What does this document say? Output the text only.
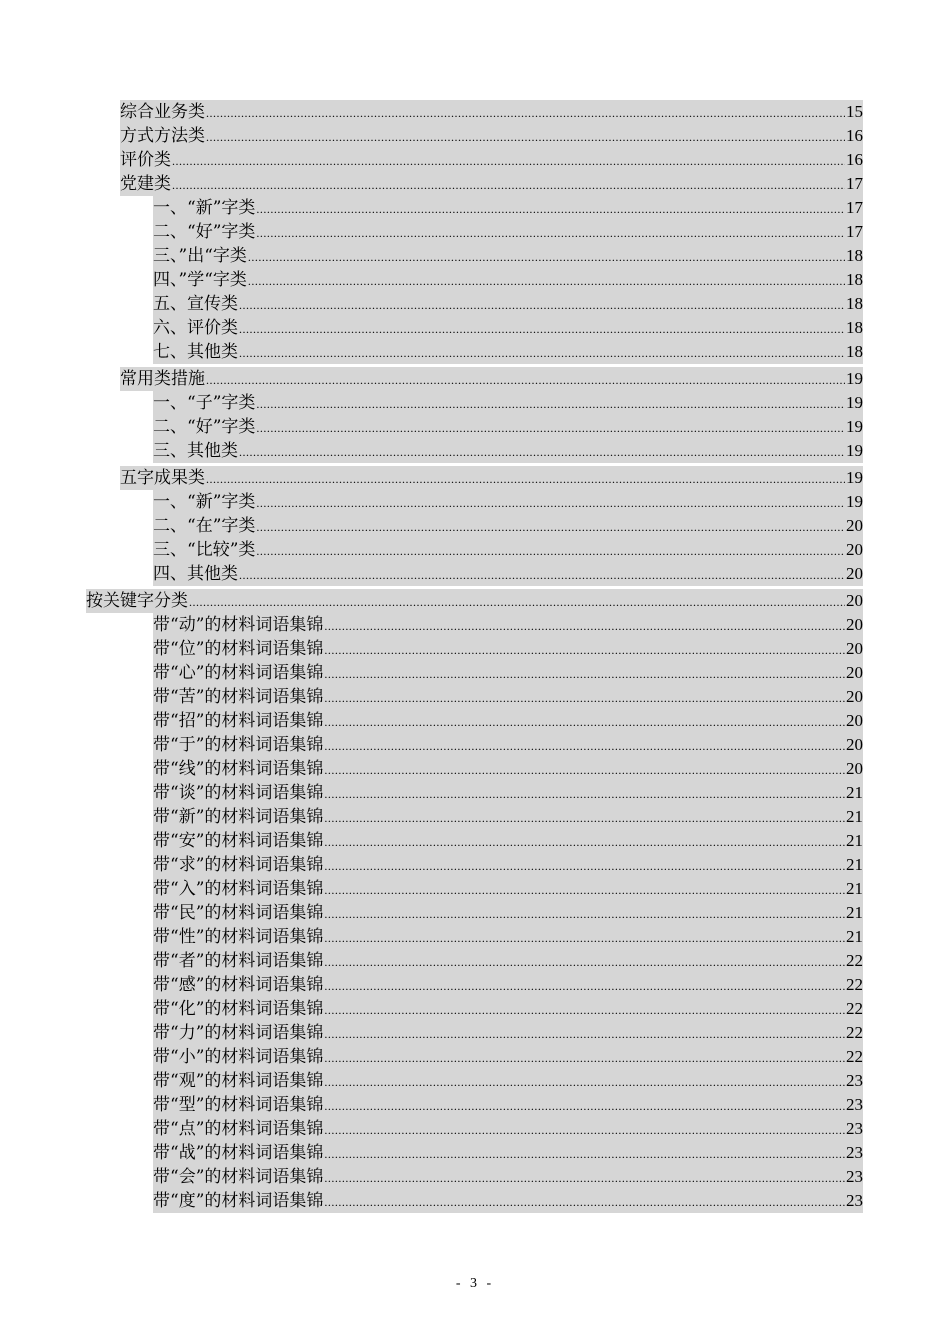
综合业务类 .....	15
方式方法类 .....	16
评价类 .....	16
党建类 .....	17
一、“新”字类 .....	17
二、“好”字类 .....	17
三、”出“字类 .....	18
四、”学“字类 .....	18
五、宣传类 .....	18
六、评价类 .....	18
七、其他类 .....	18
常用类措施 .....	19
一、“子”字类 .....	19
二、“好”字类 .....	19
三、其他类 .....	19
五字成果类 .....	19
一、“新”字类 .....	19
二、“在”字类 .....	20
三、“比较”类 .....	20
四、其他类 .....	20
按关键字分类 .....	20
带“动”的材料词语集锦 .....	20
带“位”的材料词语集锦 .....	20
带“心”的材料词语集锦 .....	20
带“苦”的材料词语集锦 .....	20
带“招”的材料词语集锦 .....	20
带“于”的材料词语集锦 .....	20
带“线”的材料词语集锦 .....	20
带“谈”的材料词语集锦 .....	21
带“新”的材料词语集锦 .....	21
带“安”的材料词语集锦 .....	21
带“求”的材料词语集锦 .....	21
带“入”的材料词语集锦 .....	21
带“民”的材料词语集锦 .....	21
带“性”的材料词语集锦 .....	21
带“者”的材料词语集锦 .....	22
带“感”的材料词语集锦 .....	22
带“化”的材料词语集锦 .....	22
带“力”的材料词语集锦 .....	22
带“小”的材料词语集锦 .....	22
带“观”的材料词语集锦 .....	23
带“型”的材料词语集锦 .....	23
带“点”的材料词语集锦 .....	23
带“战”的材料词语集锦 .....	23
带“会”的材料词语集锦 .....	23
带“度”的材料词语集锦 .....	23
- 3 -
